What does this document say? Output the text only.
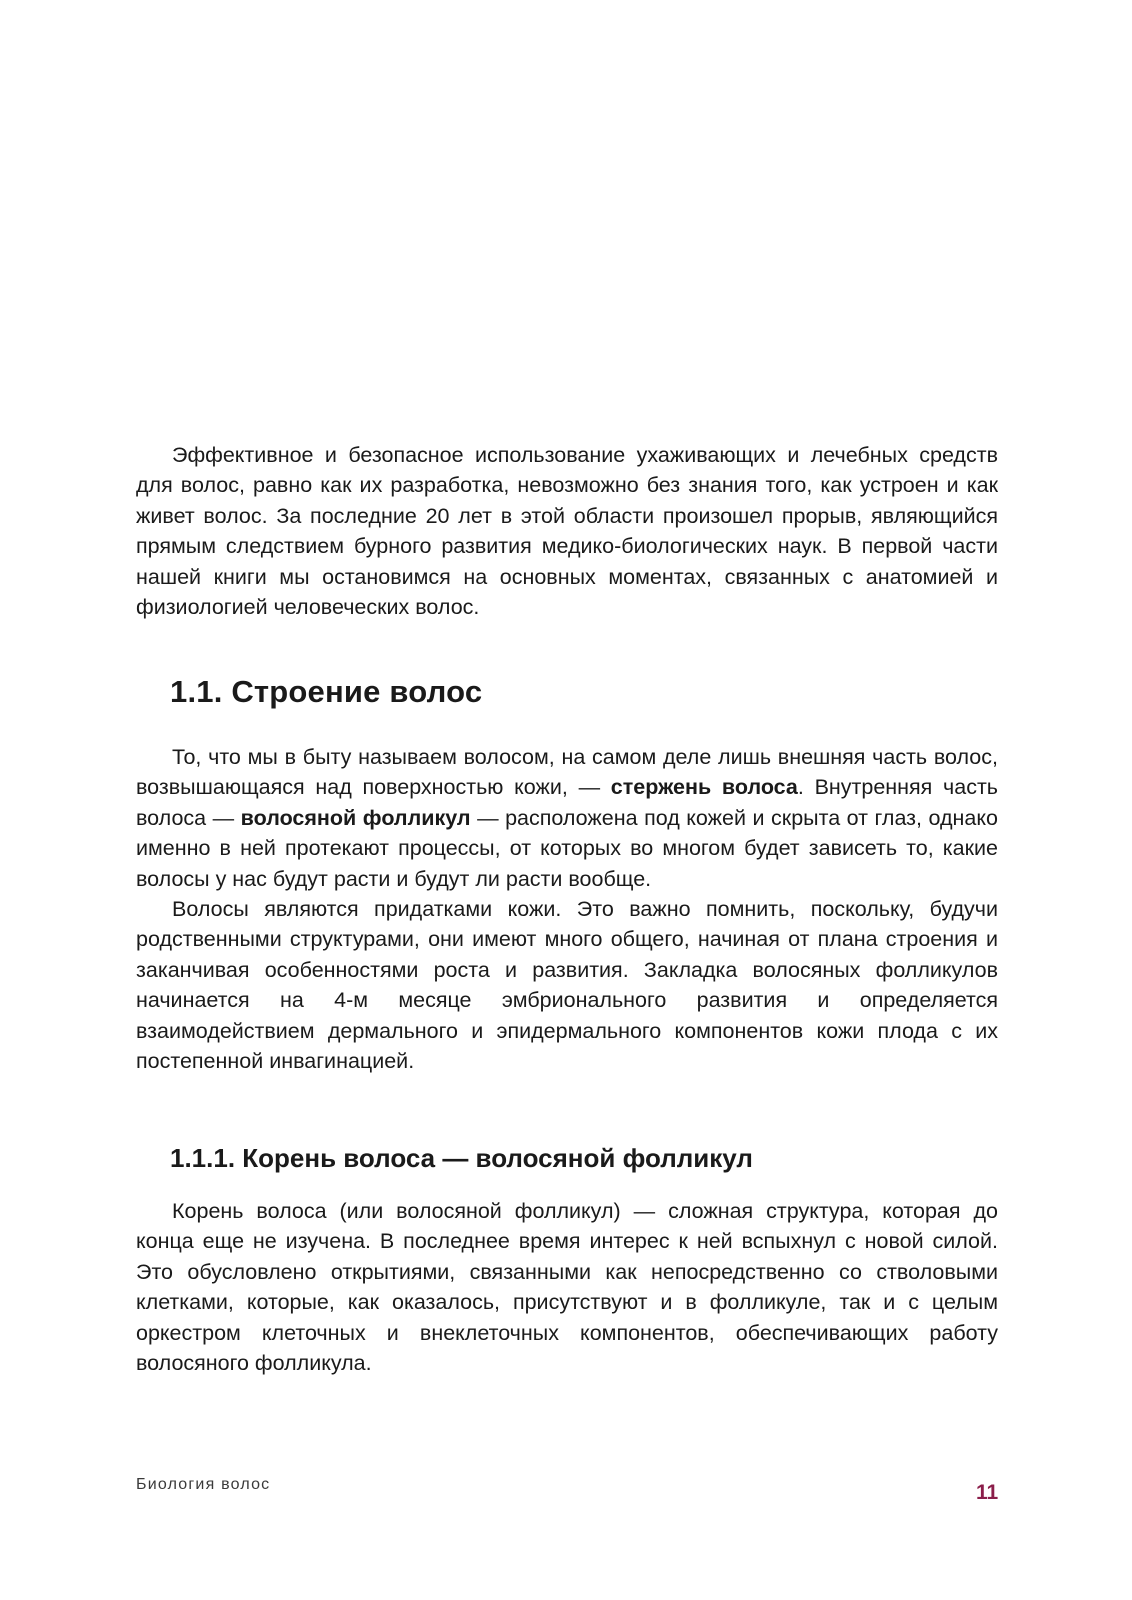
Эффективное и безопасное использование ухаживающих и лечебных средств для волос, равно как их разработка, невозможно без знания того, как устроен и как живет волос. За последние 20 лет в этой области произошел прорыв, являющийся прямым следствием бурного развития медико-биологических наук. В первой части нашей книги мы остановимся на основных моментах, связанных с анатомией и физиологией человеческих волос.

1.1. Строение волос

То, что мы в быту называем волосом, на самом деле лишь внешняя часть волос, возвышающаяся над поверхностью кожи, — стержень волоса. Внутренняя часть волоса — волосяной фолликул — расположена под кожей и скрыта от глаз, однако именно в ней протекают процессы, от которых во многом будет зависеть то, какие волосы у нас будут расти и будут ли расти вообще.

Волосы являются придатками кожи. Это важно помнить, поскольку, будучи родственными структурами, они имеют много общего, начиная от плана строения и заканчивая особенностями роста и развития. Закладка волосяных фолликулов начинается на 4-м месяце эмбрионального развития и определяется взаимодействием дермального и эпидермального компонентов кожи плода с их постепенной инвагинацией.

1.1.1. Корень волоса — волосяной фолликул

Корень волоса (или волосяной фолликул) — сложная структура, которая до конца еще не изучена. В последнее время интерес к ней вспыхнул с новой силой. Это обусловлено открытиями, связанными как непосредственно со стволовыми клетками, которые, как оказалось, присутствуют и в фолликуле, так и с целым оркестром клеточных и внеклеточных компонентов, обеспечивающих работу волосяного фолликула.

Биология волос	11
